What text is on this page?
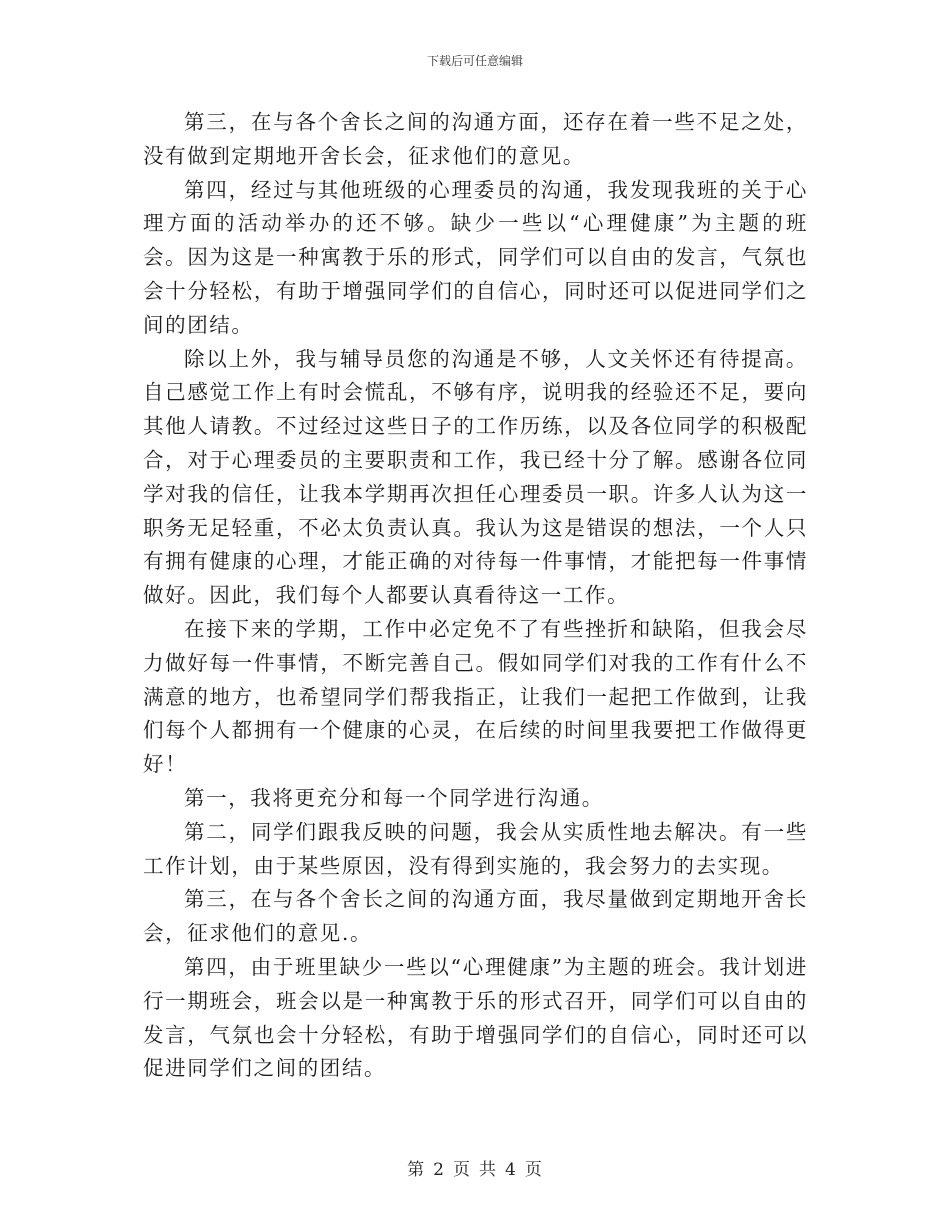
下载后可任意编辑

第三，在与各个舍长之间的沟通方面，还存在着一些不足之处，没有做到定期地开舍长会，征求他们的意见。

第四，经过与其他班级的心理委员的沟通，我发现我班的关于心理方面的活动举办的还不够。缺少一些以“心理健康”为主题的班会。因为这是一种寓教于乐的形式，同学们可以自由的发言，气氛也会十分轻松，有助于增强同学们的自信心，同时还可以促进同学们之间的团结。

除以上外，我与辅导员您的沟通是不够，人文关怀还有待提高。自己感觉工作上有时会慌乱，不够有序，说明我的经验还不足，要向其他人请教。不过经过这些日子的工作历练，以及各位同学的积极配合，对于心理委员的主要职责和工作，我已经十分了解。感谢各位同学对我的信任，让我本学期再次担任心理委员一职。许多人认为这一职务无足轻重，不必太负责认真。我认为这是错误的想法，一个人只有拥有健康的心理，才能正确的对待每一件事情，才能把每一件事情做好。因此，我们每个人都要认真看待这一工作。

在接下来的学期，工作中必定免不了有些挫折和缺陷，但我会尽力做好每一件事情，不断完善自己。假如同学们对我的工作有什么不满意的地方，也希望同学们帮我指正，让我们一起把工作做到，让我们每个人都拥有一个健康的心灵，在后续的时间里我要把工作做得更好！

第一，我将更充分和每一个同学进行沟通。

第二，同学们跟我反映的问题，我会从实质性地去解决。有一些工作计划，由于某些原因，没有得到实施的，我会努力的去实现。

第三，在与各个舍长之间的沟通方面，我尽量做到定期地开舍长会，征求他们的意见.。

第四，由于班里缺少一些以“心理健康”为主题的班会。我计划进行一期班会，班会以是一种寓教于乐的形式召开，同学们可以自由的发言，气氛也会十分轻松，有助于增强同学们的自信心，同时还可以促进同学们之间的团结。

第 2 页 共 4 页
